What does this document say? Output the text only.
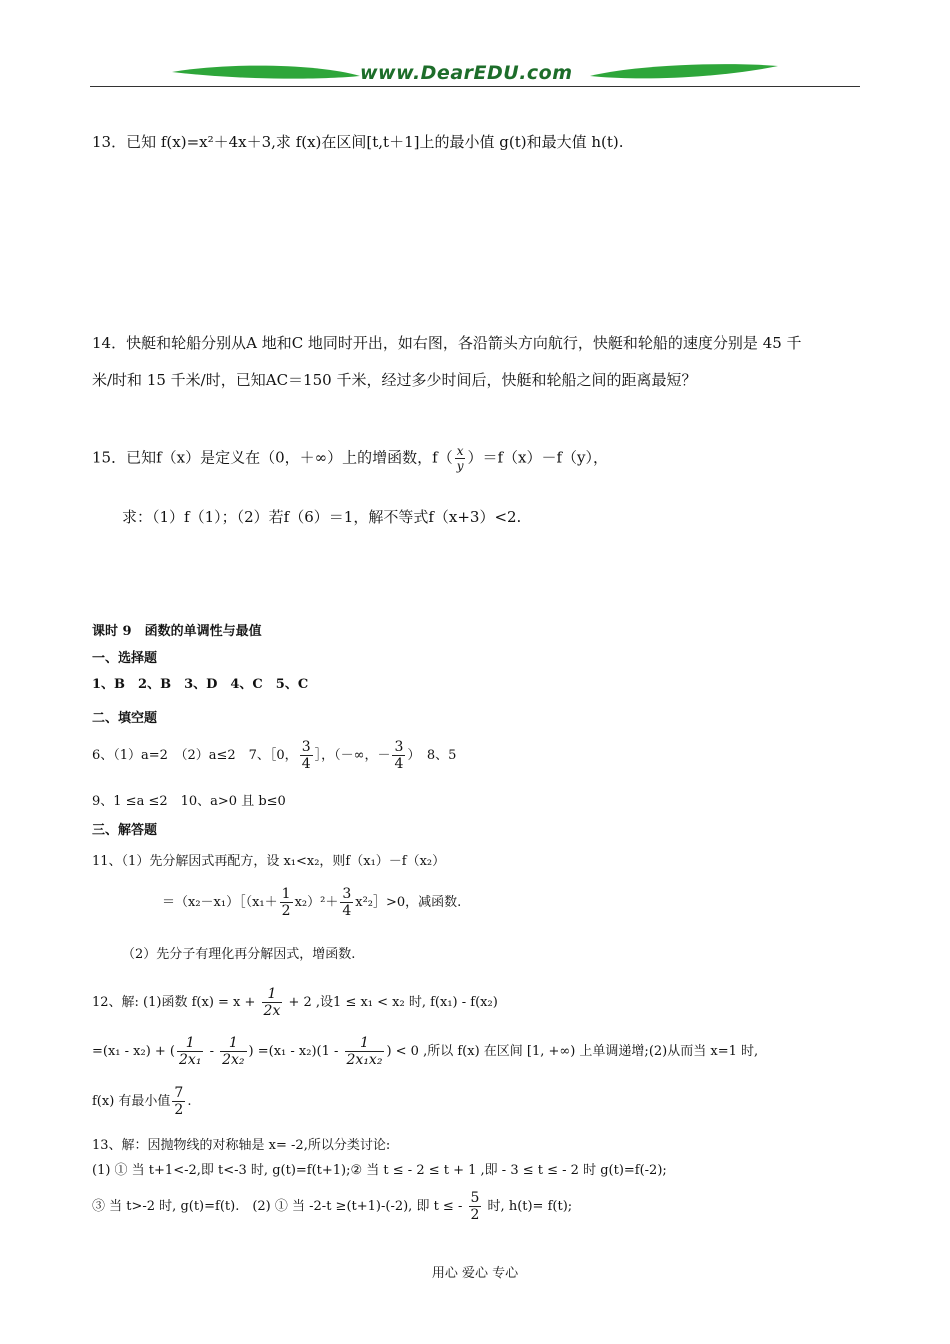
www.DearEDU.com
13．已知 f(x)=x²＋4x＋3,求 f(x)在区间[t,t＋1]上的最小值 g(t)和最大值 h(t).
14．快艇和轮船分别从A 地和C 地同时开出，如右图，各沿箭头方向航行，快艇和轮船的速度分别是 45 千
米/时和 15 千米/时，已知AC＝150 千米，经过多少时间后，快艇和轮船之间的距离最短？
15．已知f（x）是定义在（0，＋∞）上的增函数，$f( \frac{x}{y} )=f(x)-f(y)$，
求：（1）f（1）；（2）若f（6）＝1，解不等式f（x+3）<2.
课时 9　函数的单调性与最值
一、选择题
1、B　2、B　3、D　4、C　5、C
二、填空题
6、（1）a=2　（2）a≤2　7、［0， $\frac{3}{4}$ ］，（－∞，－ $\frac{3}{4}$ ）　8、5
9、1 ≤a ≤2　10、a>0 且 b≤0
三、解答题
11、（1）先分解因式再配方，设 x₁<x₂，则f（x₁）－f（x₂）
＝（x₂－x₁）［（x₁＋ $\frac{1}{2} x_2)^2+ \frac{3}{4}$ x²₂］>0，减函数.
（2）先分子有理化再分解因式，增函数.
12、解: (1)函数 $f(x) = x + \frac{1}{2x} + 2$ ,设1 ≤ x₁ < x₂ 时, f(x₁) - f(x₂)
=(x₁ - x₂) + ( $\frac{1}{\text{2x₁}} - \frac{1}{\text{2x₂}}$ ) $=(x_1 - x_2)(1 - \frac{1}{\text{2x₁x₂}}$ ) < 0 ,所以 f(x) 在区间 [1, +∞) 上单调递增;(2)从而当 x=1 时,
f(x) 有最小值 $\frac{7}{2}$ .
13、解：因抛物线的对称轴是 x= -2,所以分类讨论:
(1) ① 当 t+1<-2,即 t<-3 时, g(t)=f(t+1);② 当 t ≤ - 2 ≤ t + 1 ,即 - 3 ≤ t ≤ - 2 时 g(t)=f(-2);
③ 当 t>-2 时, g(t)=f(t).　(2) ① 当 -2-t ≥(t+1)-(-2), 即 t ≤ - $\frac{5}{2}$ 时, h(t)= f(t);
用心 爱心 专心
